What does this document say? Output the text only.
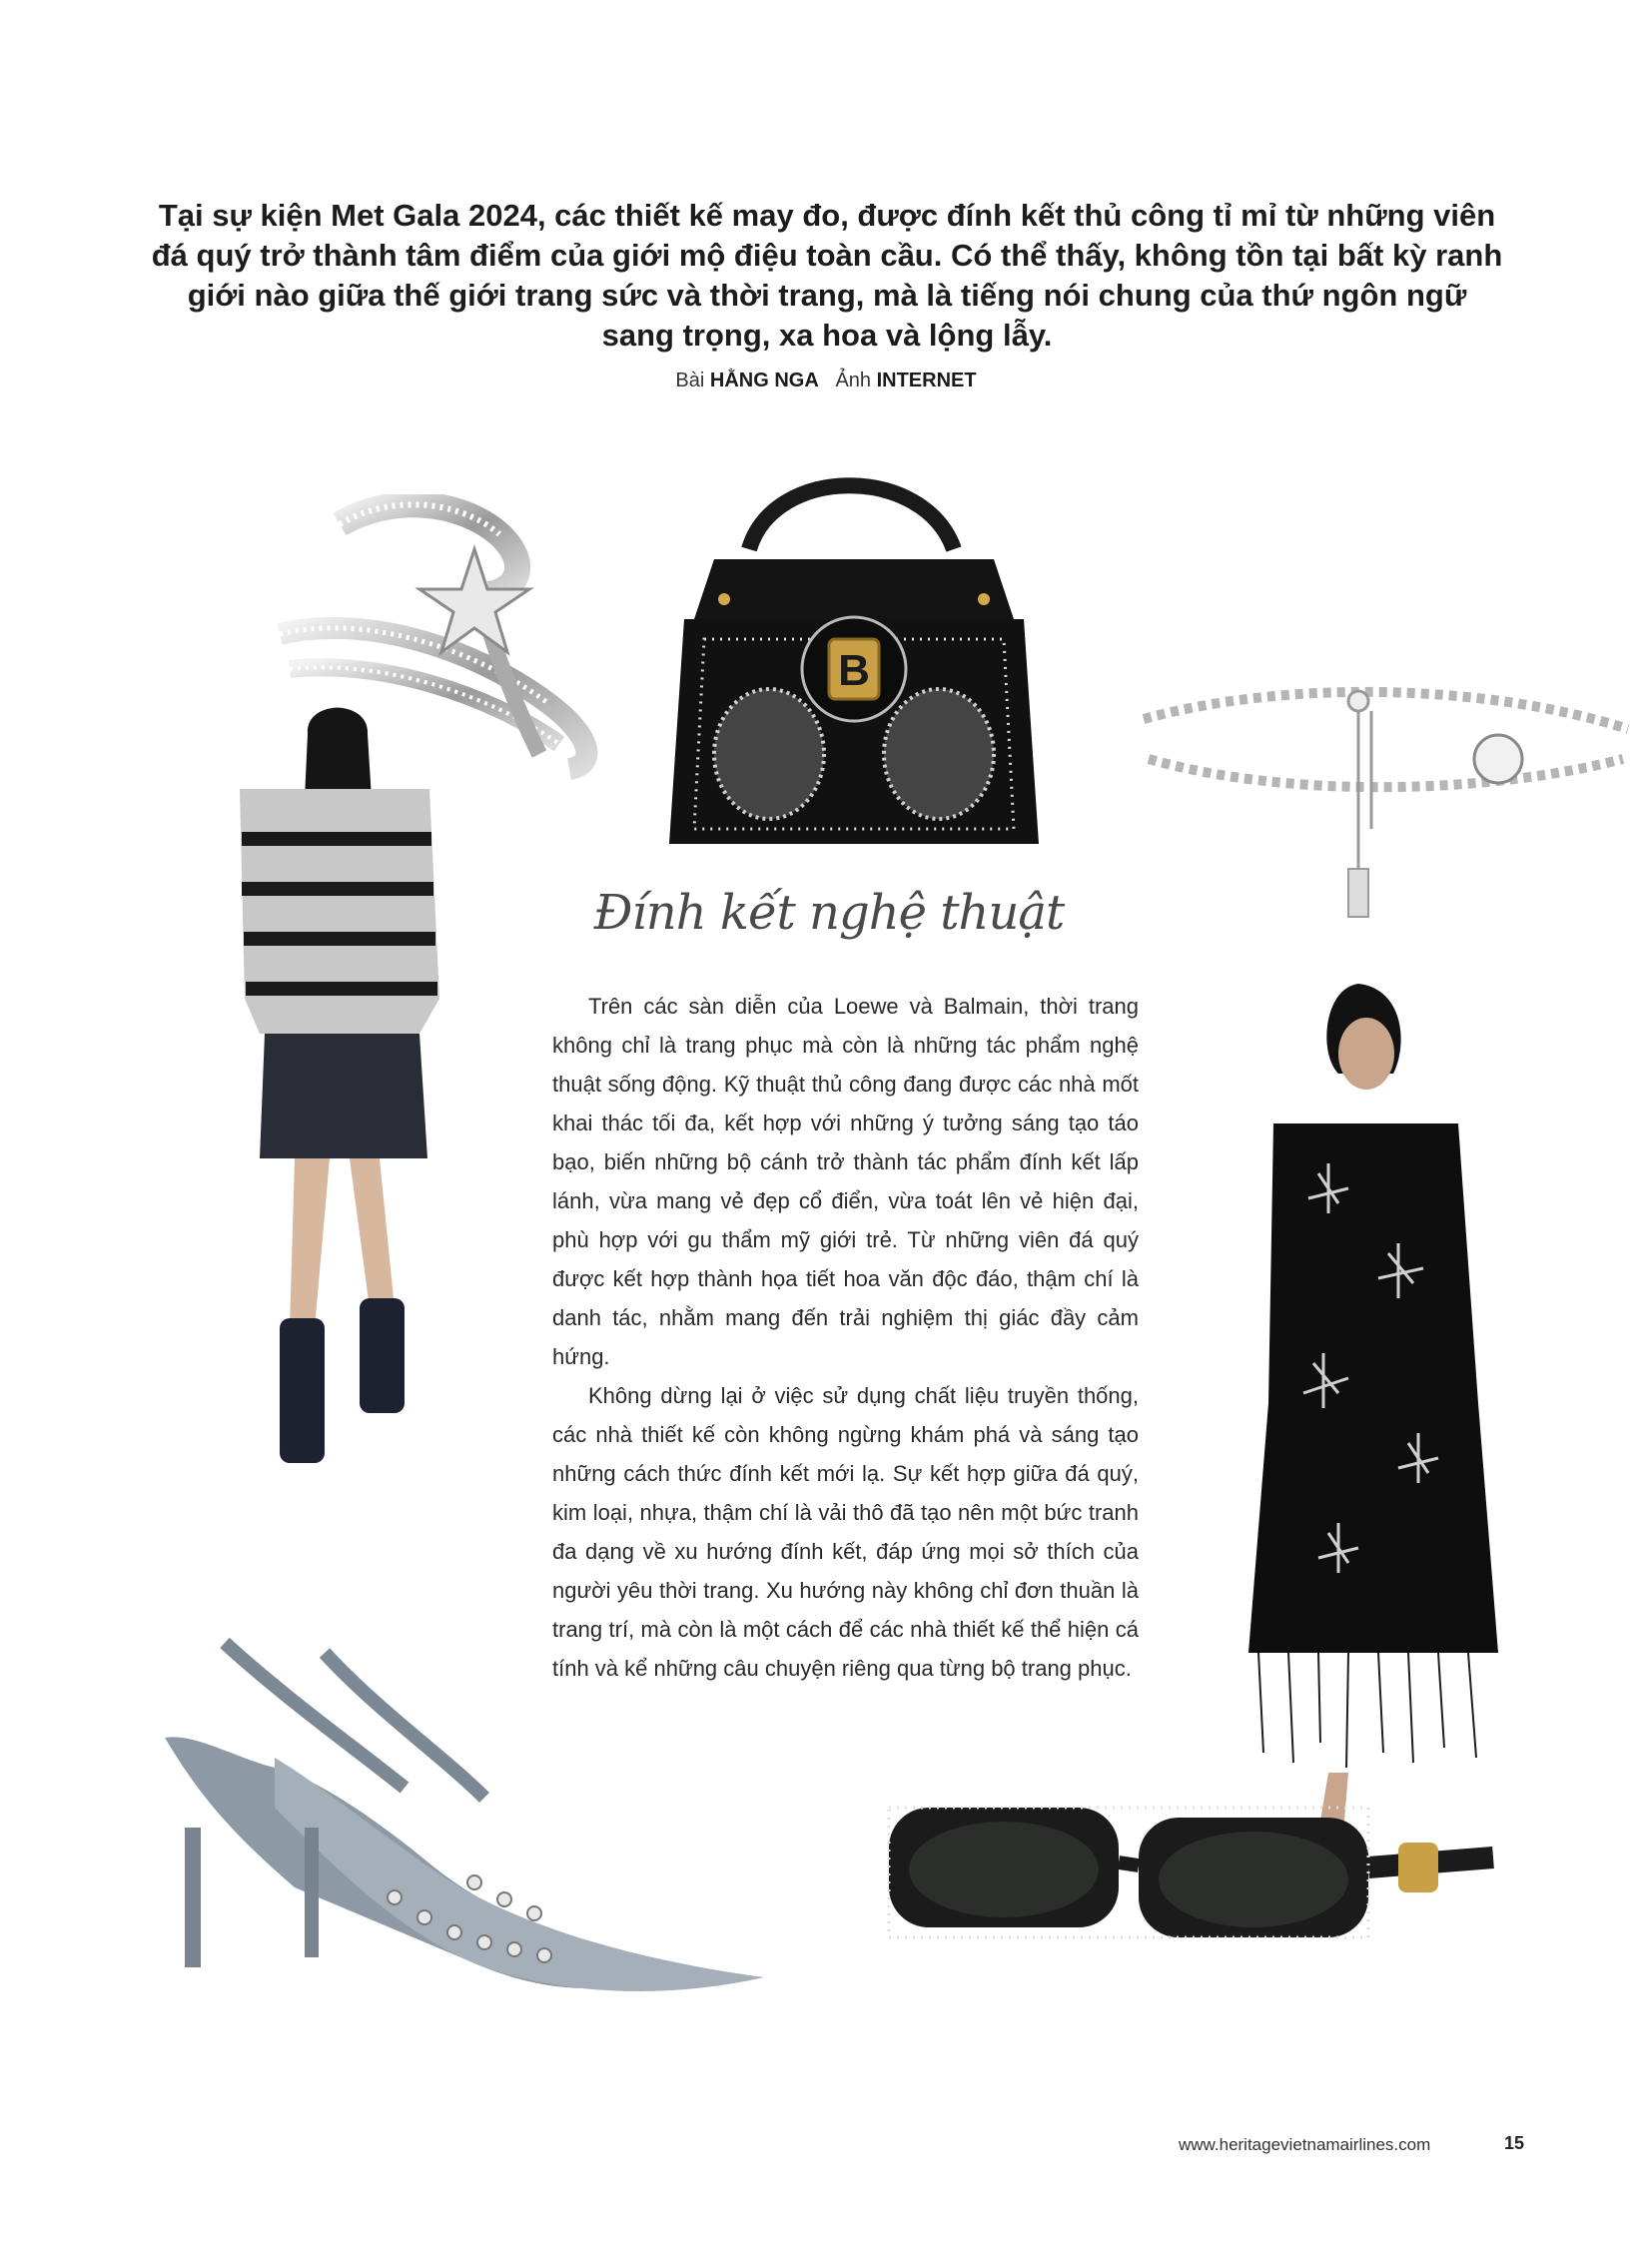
Tại sự kiện Met Gala 2024, các thiết kế may đo, được đính kết thủ công tỉ mỉ từ những viên đá quý trở thành tâm điểm của giới mộ điệu toàn cầu. Có thể thấy, không tồn tại bất kỳ ranh giới nào giữa thế giới trang sức và thời trang, mà là tiếng nói chung của thứ ngôn ngữ sang trọng, xa hoa và lộng lẫy.
Bài HẰNG NGA Ảnh INTERNET
B
Đính kết nghệ thuật

Trên các sàn diễn của Loewe và Balmain, thời trang không chỉ là trang phục mà còn là những tác phẩm nghệ thuật sống động. Kỹ thuật thủ công đang được các nhà mốt khai thác tối đa, kết hợp với những ý tưởng sáng tạo táo bạo, biến những bộ cánh trở thành tác phẩm đính kết lấp lánh, vừa mang vẻ đẹp cổ điển, vừa toát lên vẻ hiện đại, phù hợp với gu thẩm mỹ giới trẻ. Từ những viên đá quý được kết hợp thành họa tiết hoa văn độc đáo, thậm chí là danh tác, nhằm mang đến trải nghiệm thị giác đầy cảm hứng.

Không dừng lại ở việc sử dụng chất liệu truyền thống, các nhà thiết kế còn không ngừng khám phá và sáng tạo những cách thức đính kết mới lạ. Sự kết hợp giữa đá quý, kim loại, nhựa, thậm chí là vải thô đã tạo nên một bức tranh đa dạng về xu hướng đính kết, đáp ứng mọi sở thích của người yêu thời trang. Xu hướng này không chỉ đơn thuần là trang trí, mà còn là một cách để các nhà thiết kế thể hiện cá tính và kể những câu chuyện riêng qua từng bộ trang phục.

www.heritagevietnamairlines.com	15
